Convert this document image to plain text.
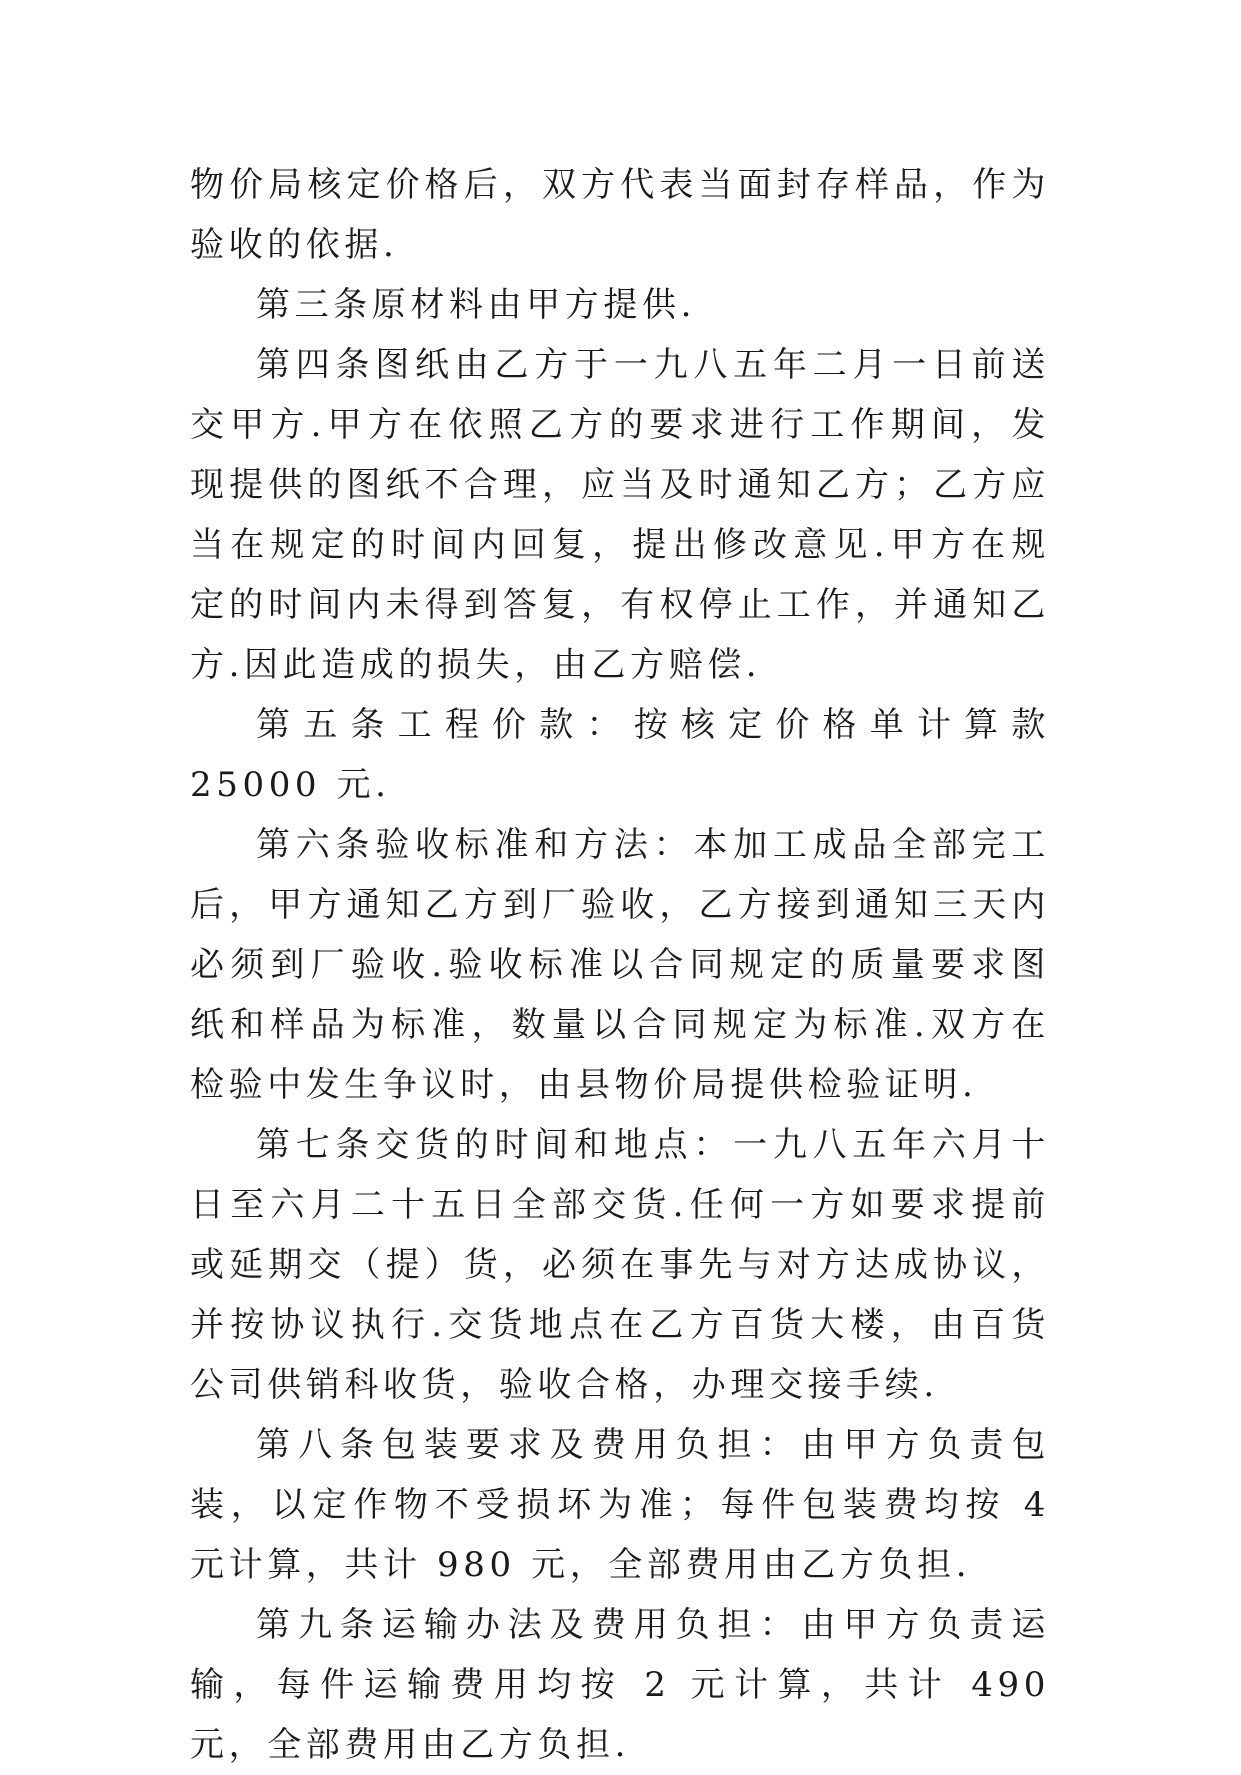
物价局核定价格后，双方代表当面封存样品，作为验收的依据.

第三条原材料由甲方提供.

第四条图纸由乙方于一九八五年二月一日前送交甲方.甲方在依照乙方的要求进行工作期间，发现提供的图纸不合理，应当及时通知乙方；乙方应当在规定的时间内回复，提出修改意见.甲方在规定的时间内未得到答复，有权停止工作，并通知乙方.因此造成的损失，由乙方赔偿.

第五条工程价款：按核定价格单计算款 25000 元.

第六条验收标准和方法：本加工成品全部完工后，甲方通知乙方到厂验收，乙方接到通知三天内必须到厂验收.验收标准以合同规定的质量要求图纸和样品为标准，数量以合同规定为标准.双方在检验中发生争议时，由县物价局提供检验证明.

第七条交货的时间和地点：一九八五年六月十日至六月二十五日全部交货.任何一方如要求提前或延期交（提）货，必须在事先与对方达成协议，并按协议执行.交货地点在乙方百货大楼，由百货公司供销科收货，验收合格，办理交接手续.

第八条包装要求及费用负担：由甲方负责包装，以定作物不受损坏为准；每件包装费均按 4 元计算，共计 980 元，全部费用由乙方负担.

第九条运输办法及费用负担：由甲方负责运输，每件运输费用均按 2 元计算，共计 490 元，全部费用由乙方负担.
